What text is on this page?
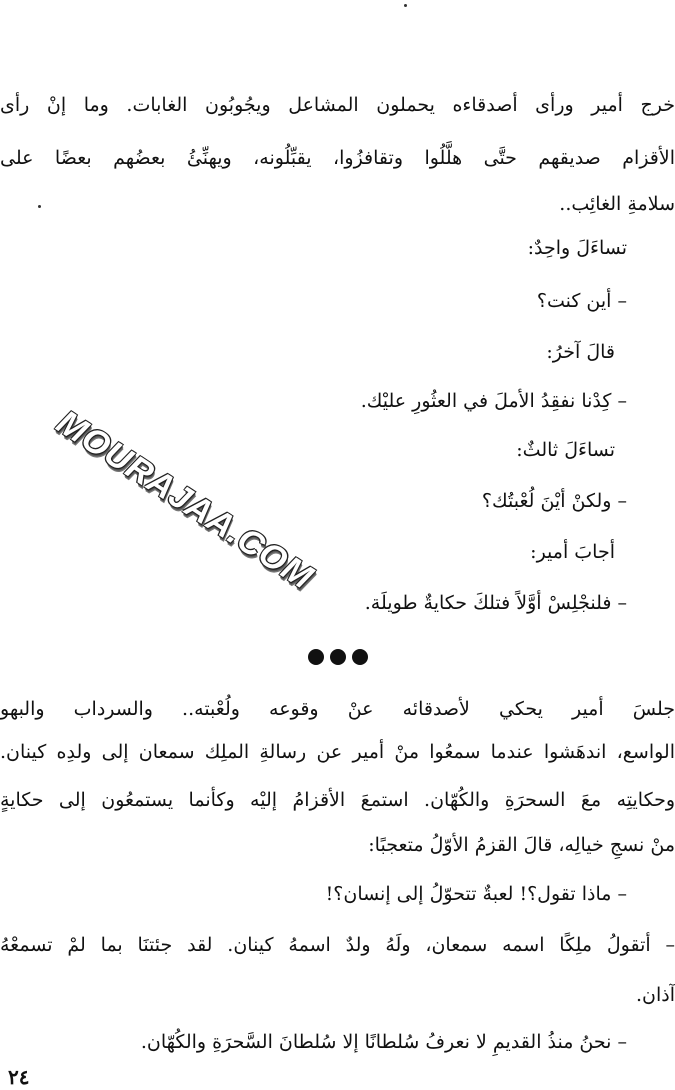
خرج أمير ورأى أصدقاءه يحملون المشاعل ويجُوبُون الغابات. وما إنْ رأى
الأقزام صديقهم حتَّى هلَّلُوا وتقافزُوا، يقبِّلُونه، ويهنِّئُ بعضُهم بعضًا على
سلامةِ الغائِب..
تساءَلَ واحِدٌ:
– أين كنت؟
قالَ آخرُ:
– كِدْنا نفقِدُ الأملَ في العثُورِ عليْك.
تساءَلَ ثالثٌ:
– ولكنْ أيْنَ لُعْبتُك؟
أجابَ أمير:
– فلنجْلِسْ أوَّلاً فتلكَ حكايةٌ طويلَة.
جلسَ أمير يحكي لأصدقائه عنْ وقوعه ولُعْبته.. والسرداب والبهو
الواسع، اندهَشوا عندما سمعُوا منْ أمير عن رسالةِ الملِك سمعان إلى ولدِه كينان.
وحكايتِه معَ السحرَةِ والكُهّان. استمعَ الأقزامُ إليْه وكأنما يستمعُون إلى حكايةٍ
منْ نسجِ خيالِه، قالَ القزمُ الأوّلُ متعجبًا:
– ماذا تقول؟! لعبةٌ تتحوّلُ إلى إنسان؟!
– أتقولُ ملِكًا اسمه سمعان، ولَهُ ولدٌ اسمهُ كينان. لقد جئتنَا بما لمْ تسمعْهُ
آذان.
– نحنُ منذُ القديمِ لا نعرفُ سُلطانًا إلا سُلطانَ السَّحرَةِ والكُهّان.
MOURAJAA.COM
٢٤
